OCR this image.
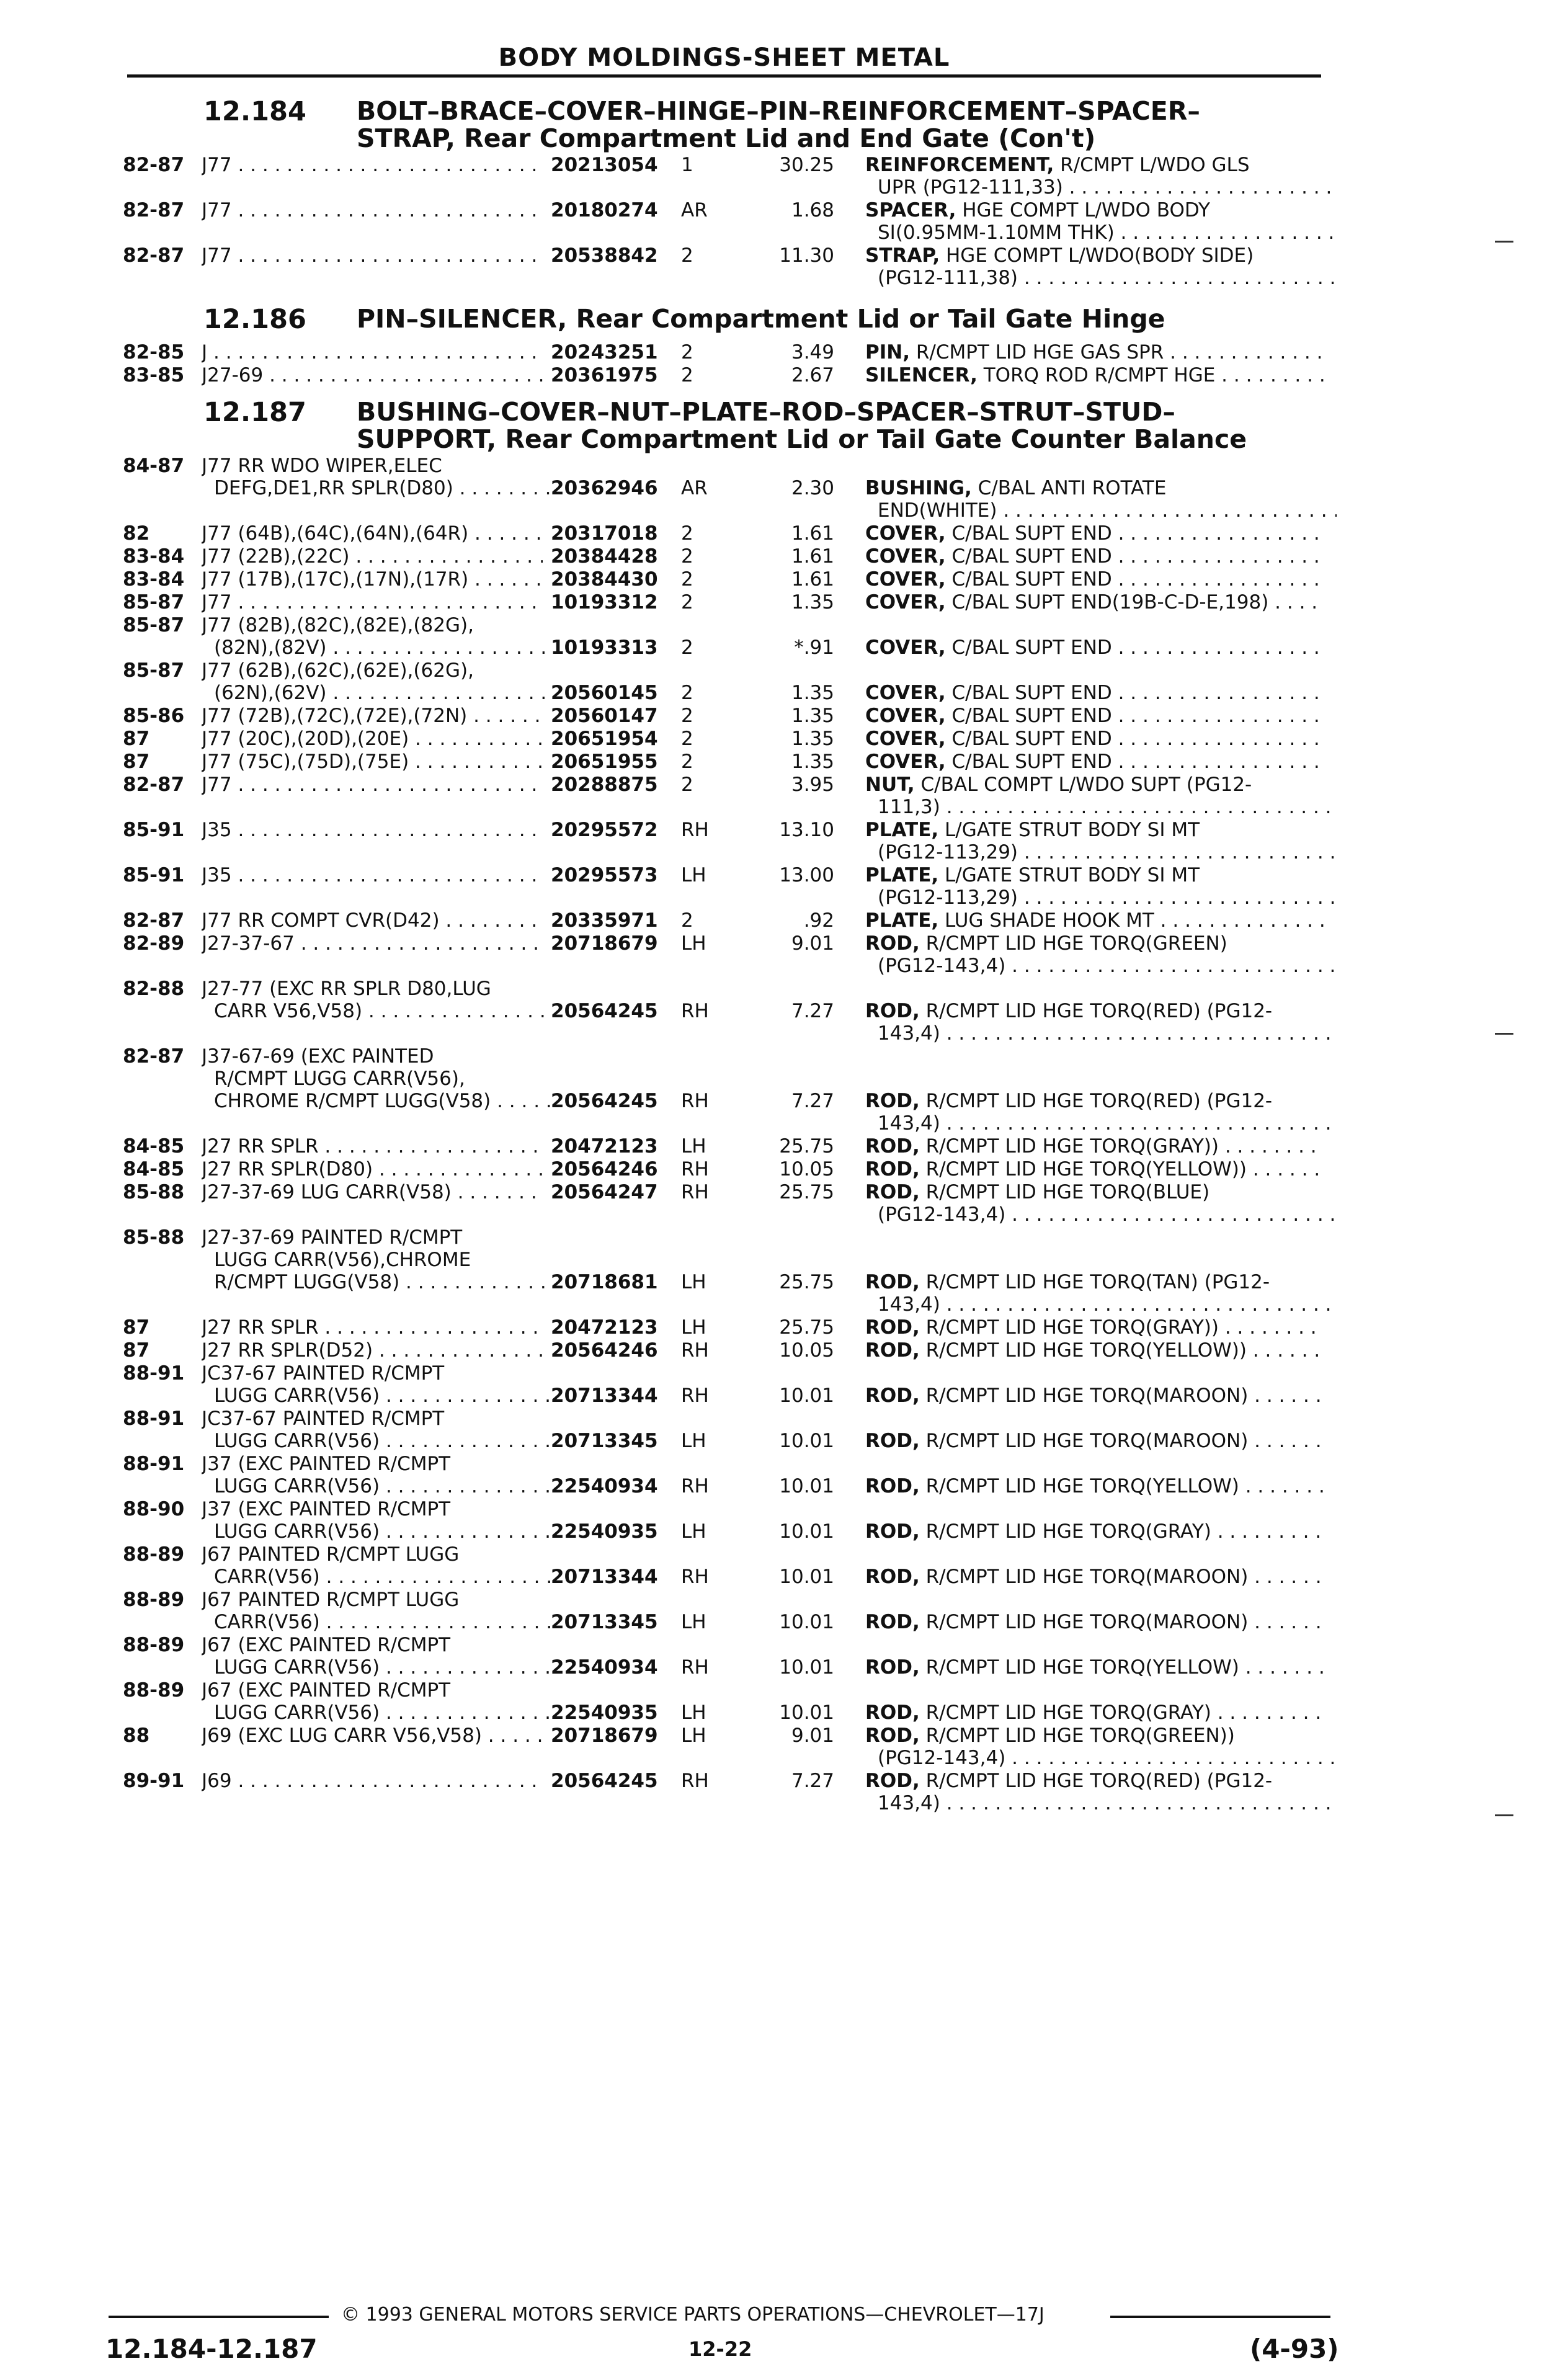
BODY MOLDINGS-SHEET METAL
12.184 BOLT–BRACE–COVER–HINGE–PIN–REINFORCEMENT–SPACER–
STRAP, Rear Compartment Lid and End Gate (Con't)
82-87 J77 . . .	20213054 1	30.25 REINFORCEMENT, R/CMPT L/WDO GLS
UPR (PG12-111,33) . . .
82-87 J77 . . .	20180274 AR	1.68 SPACER, HGE COMPT L/WDO BODY
SI(0.95MM-1.10MM THK) . . .
82-87 J77 . . .	20538842 2	11.30 STRAP, HGE COMPT L/WDO(BODY SIDE)
(PG12-111,38) . . .
12.186 PIN–SILENCER, Rear Compartment Lid or Tail Gate Hinge
82-85 J . . .	20243251 2	3.49 PIN, R/CMPT LID HGE GAS SPR . . .
83-85 J27-69 . . .	20361975 2	2.67 SILENCER, TORQ ROD R/CMPT HGE . . .
12.187 BUSHING–COVER–NUT–PLATE–ROD–SPACER–STRUT–STUD–
SUPPORT, Rear Compartment Lid or Tail Gate Counter Balance
84-87 J77 RR WDO WIPER,ELEC
DEFG,DE1,RR SPLR(D80) . . .	20362946 AR	2.30 BUSHING, C/BAL ANTI ROTATE
END(WHITE) . . .
82	J77 (64B),(64C),(64N),(64R) . . .	20317018 2	1.61 COVER, C/BAL SUPT END . . .
83-84 J77 (22B),(22C) . . .	20384428 2	1.61 COVER, C/BAL SUPT END . . .
83-84 J77 (17B),(17C),(17N),(17R) . . .	20384430 2	1.61 COVER, C/BAL SUPT END . . .
85-87 J77 . . .	10193312 2	1.35 COVER, C/BAL SUPT END(19B-C-D-E,198) . . .
85-87 J77 (82B),(82C),(82E),(82G),
(82N),(82V) . . .	10193313 2	*.91 COVER, C/BAL SUPT END . . .
85-87 J77 (62B),(62C),(62E),(62G),
(62N),(62V) . . .	20560145 2	1.35 COVER, C/BAL SUPT END . . .
85-86 J77 (72B),(72C),(72E),(72N) . . .	20560147 2	1.35 COVER, C/BAL SUPT END . . .
87	J77 (20C),(20D),(20E) . . .	20651954 2	1.35 COVER, C/BAL SUPT END . . .
87	J77 (75C),(75D),(75E) . . .	20651955 2	1.35 COVER, C/BAL SUPT END . . .
82-87 J77 . . .	20288875 2	3.95 NUT, C/BAL COMPT L/WDO SUPT (PG12-
111,3) . . .
85-91 J35 . . .	20295572 RH	13.10 PLATE, L/GATE STRUT BODY SI MT
(PG12-113,29) . . .
85-91 J35 . . .	20295573 LH	13.00 PLATE, L/GATE STRUT BODY SI MT
(PG12-113,29) . . .
82-87 J77 RR COMPT CVR(D42) . . .	20335971 2	.92 PLATE, LUG SHADE HOOK MT . . .
82-89 J27-37-67 . . .	20718679 LH	9.01 ROD, R/CMPT LID HGE TORQ(GREEN)
(PG12-143,4) . . .
82-88 J27-77 (EXC RR SPLR D80,LUG
CARR V56,V58) . . .	20564245 RH	7.27 ROD, R/CMPT LID HGE TORQ(RED) (PG12-
143,4) . . .
82-87 J37-67-69 (EXC PAINTED
R/CMPT LUGG CARR(V56),
CHROME R/CMPT LUGG(V58) . . .	20564245 RH	7.27 ROD, R/CMPT LID HGE TORQ(RED) (PG12-
143,4) . . .
84-85 J27 RR SPLR . . .	20472123 LH	25.75 ROD, R/CMPT LID HGE TORQ(GRAY)) . . .
84-85 J27 RR SPLR(D80) . . .	20564246 RH	10.05 ROD, R/CMPT LID HGE TORQ(YELLOW)) . . .
85-88 J27-37-69 LUG CARR(V58) . . .	20564247 RH	25.75 ROD, R/CMPT LID HGE TORQ(BLUE)
(PG12-143,4) . . .
85-88 J27-37-69 PAINTED R/CMPT
LUGG CARR(V56),CHROME
R/CMPT LUGG(V58) . . .	20718681 LH	25.75 ROD, R/CMPT LID HGE TORQ(TAN) (PG12-
143,4) . . .
87	J27 RR SPLR . . .	20472123 LH	25.75 ROD, R/CMPT LID HGE TORQ(GRAY)) . . .
87	J27 RR SPLR(D52) . . .	20564246 RH	10.05 ROD, R/CMPT LID HGE TORQ(YELLOW)) . . .
88-91 JC37-67 PAINTED R/CMPT
LUGG CARR(V56) . . .	20713344 RH	10.01 ROD, R/CMPT LID HGE TORQ(MAROON) . . .
88-91 JC37-67 PAINTED R/CMPT
LUGG CARR(V56) . . .	20713345 LH	10.01 ROD, R/CMPT LID HGE TORQ(MAROON) . . .
88-91 J37 (EXC PAINTED R/CMPT
LUGG CARR(V56) . . .	22540934 RH	10.01 ROD, R/CMPT LID HGE TORQ(YELLOW) . . .
88-90 J37 (EXC PAINTED R/CMPT
LUGG CARR(V56) . . .	22540935 LH	10.01 ROD, R/CMPT LID HGE TORQ(GRAY) . . .
88-89 J67 PAINTED R/CMPT LUGG
CARR(V56) . . .	20713344 RH	10.01 ROD, R/CMPT LID HGE TORQ(MAROON) . . .
88-89 J67 PAINTED R/CMPT LUGG
CARR(V56) . . .	20713345 LH	10.01 ROD, R/CMPT LID HGE TORQ(MAROON) . . .
88-89 J67 (EXC PAINTED R/CMPT
LUGG CARR(V56) . . .	22540934 RH	10.01 ROD, R/CMPT LID HGE TORQ(YELLOW) . . .
88-89 J67 (EXC PAINTED R/CMPT
LUGG CARR(V56) . . .	22540935 LH	10.01 ROD, R/CMPT LID HGE TORQ(GRAY) . . .
88	J69 (EXC LUG CARR V56,V58) . . .	20718679 LH	9.01 ROD, R/CMPT LID HGE TORQ(GREEN))
(PG12-143,4) . . .
89-91 J69 . . .	20564245 RH	7.27 ROD, R/CMPT LID HGE TORQ(RED) (PG12-
143,4) . . .
© 1993 GENERAL MOTORS SERVICE PARTS OPERATIONS—CHEVROLET—17J
12.184-12.187	12-22	(4-93)
